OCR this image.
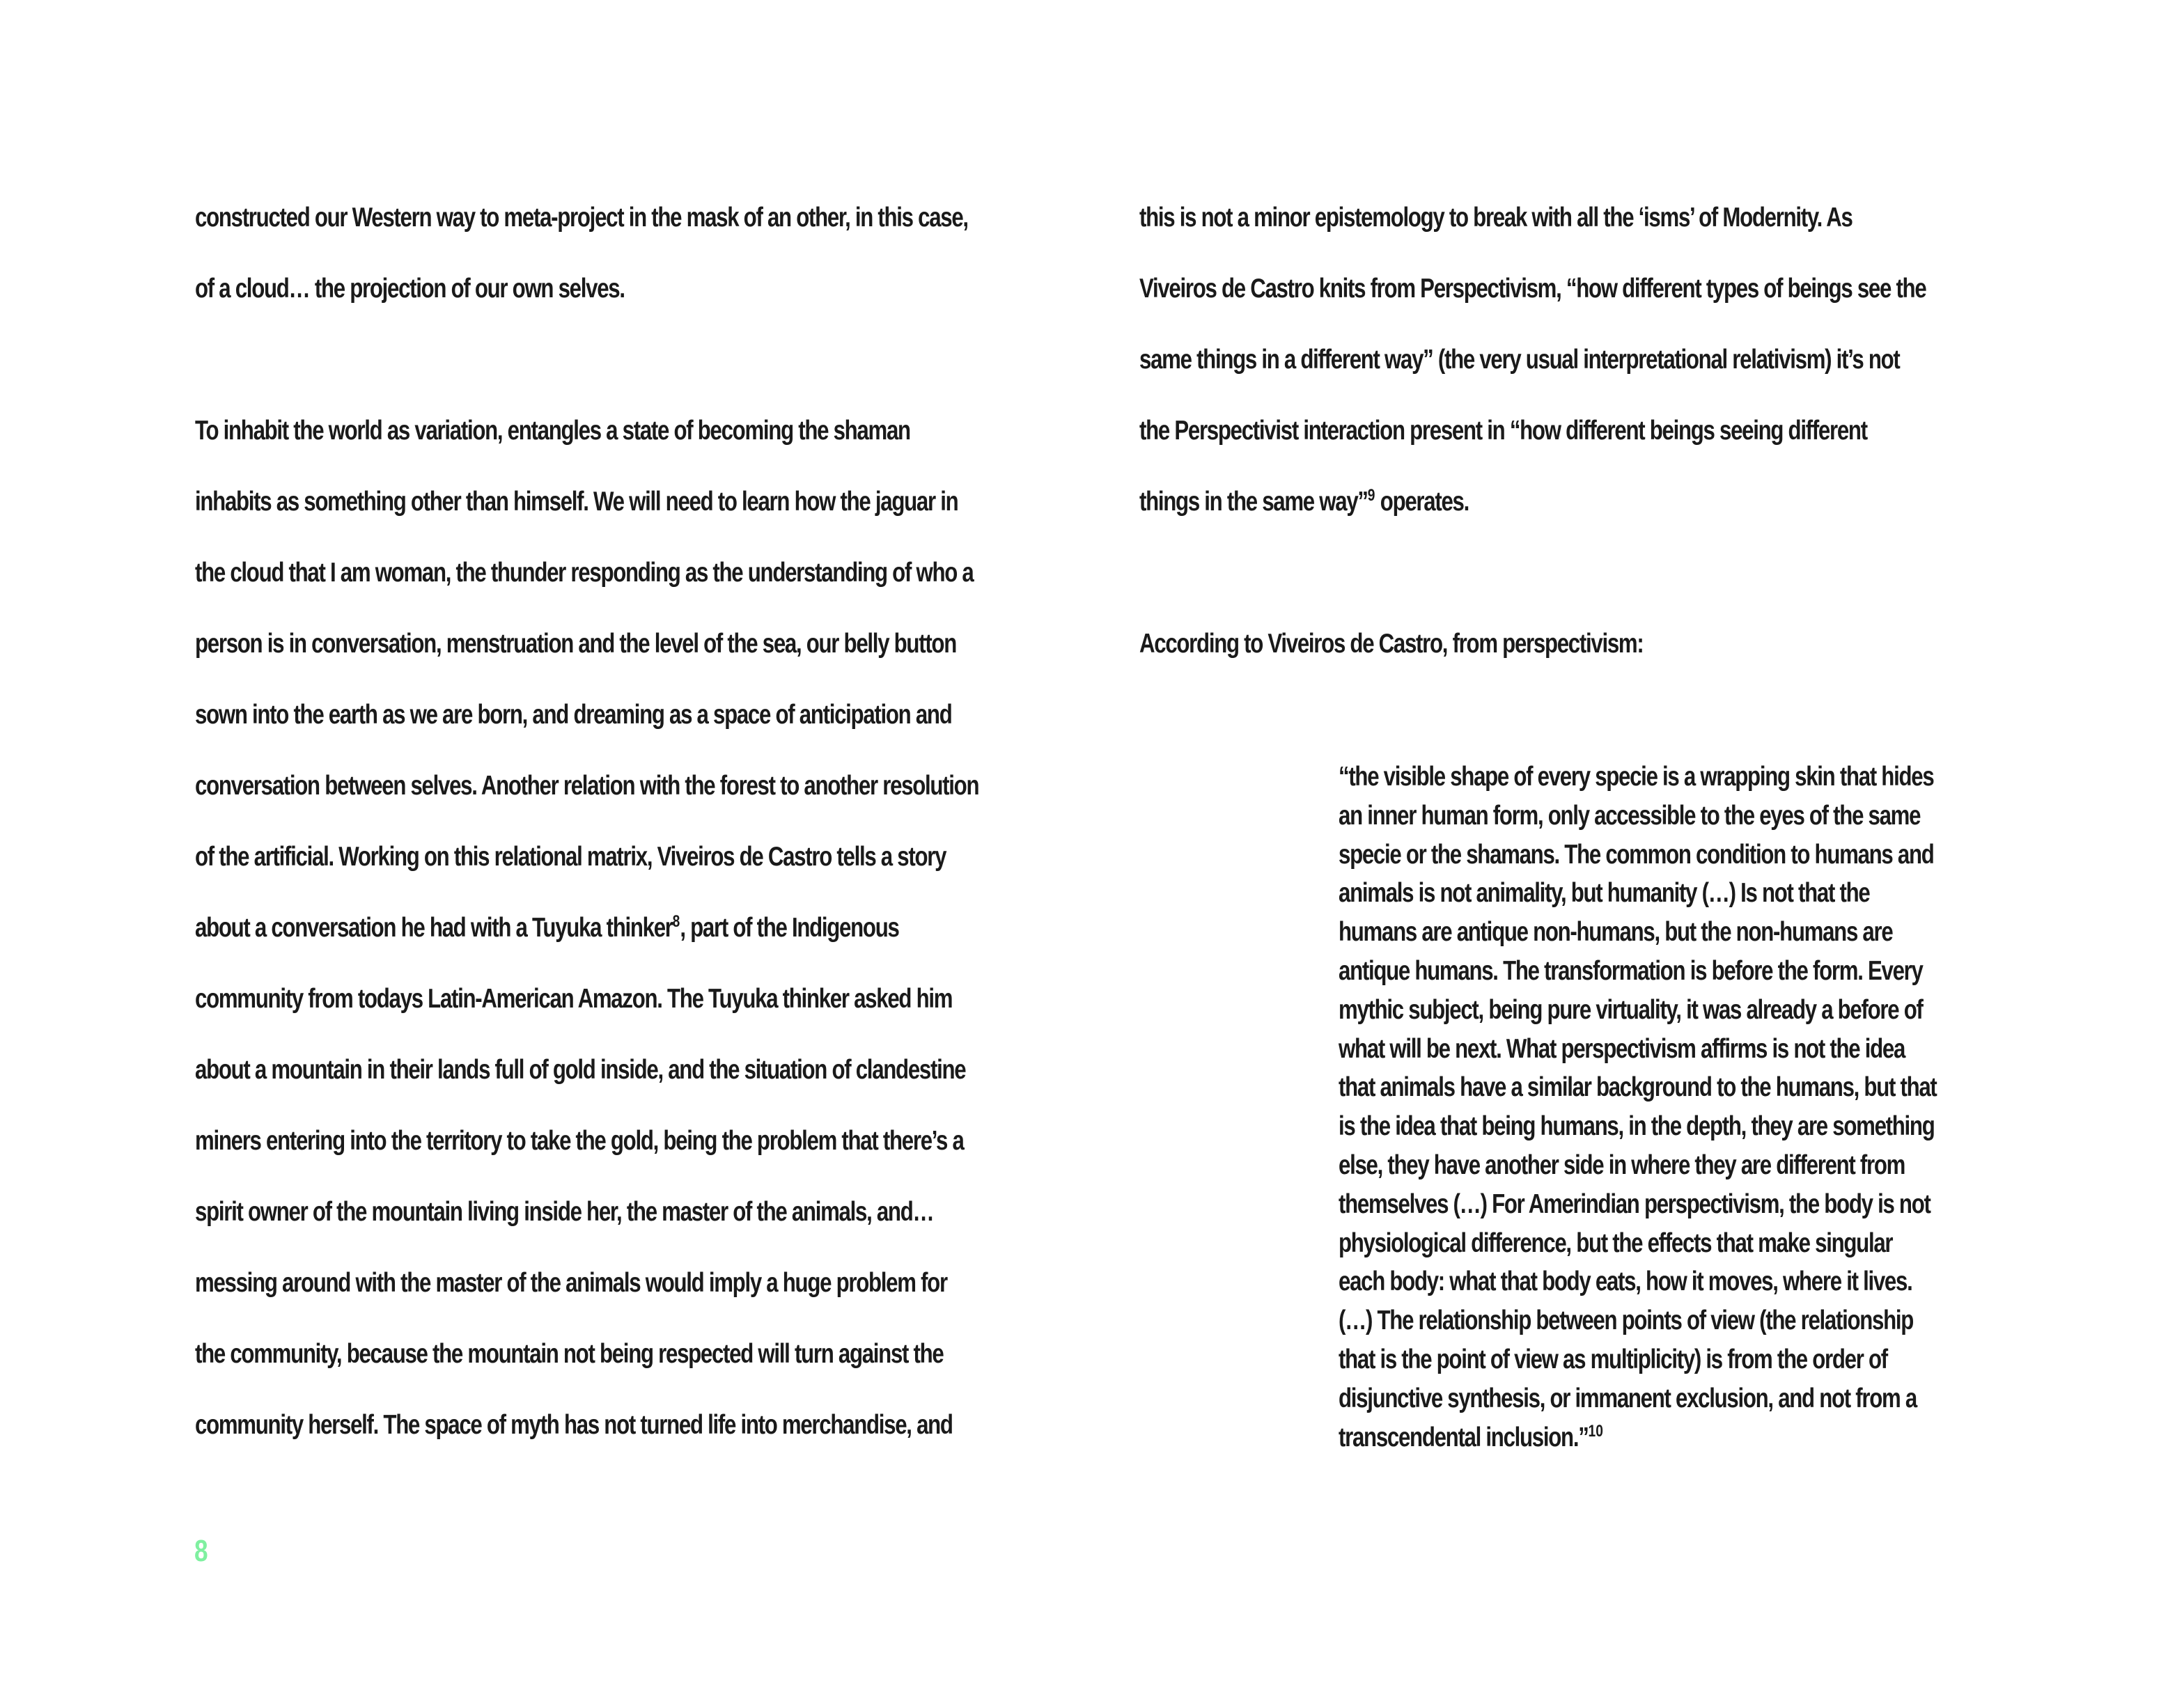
constructed our Western way to meta-project in the mask of an other, in this case,
of a cloud… the projection of our own selves.
To inhabit the world as variation, entangles a state of becoming the shaman
inhabits as something other than himself. We will need to learn how the jaguar in
the cloud that I am woman, the thunder responding as the understanding of who a
person is in conversation, menstruation and the level of the sea, our belly button
sown into the earth as we are born, and dreaming as a space of anticipation and
conversation between selves. Another relation with the forest to another resolution
of the artificial. Working on this relational matrix, Viveiros de Castro tells a story
about a conversation he had with a Tuyuka thinker$^8$, part of the Indigenous
community from todays Latin-American Amazon. The Tuyuka thinker asked him
about a mountain in their lands full of gold inside, and the situation of clandestine
miners entering into the territory to take the gold, being the problem that there’s a
spirit owner of the mountain living inside her, the master of the animals, and…
messing around with the master of the animals would imply a huge problem for
the community, because the mountain not being respected will turn against the
community herself. The space of myth has not turned life into merchandise, and
this is not a minor epistemology to break with all the ‘isms’ of Modernity. As
Viveiros de Castro knits from Perspectivism, “how different types of beings see the
same things in a different way” (the very usual interpretational relativism) it’s not
the Perspectivist interaction present in “how different beings seeing different
things in the same way”$^9$ operates.
According to Viveiros de Castro, from perspectivism:
“the visible shape of every specie is a wrapping skin that hides
an inner human form, only accessible to the eyes of the same
specie or the shamans. The common condition to humans and
animals is not animality, but humanity (…) Is not that the
humans are antique non-humans, but the non-humans are
antique humans. The transformation is before the form. Every
mythic subject, being pure virtuality, it was already a before of
what will be next. What perspectivism affirms is not the idea
that animals have a similar background to the humans, but that
is the idea that being humans, in the depth, they are something
else, they have another side in where they are different from
themselves (…) For Amerindian perspectivism, the body is not
physiological difference, but the effects that make singular
each body: what that body eats, how it moves, where it lives.
(…) The relationship between points of view (the relationship
that is the point of view as multiplicity) is from the order of
disjunctive synthesis, or immanent exclusion, and not from a
transcendental inclusion.”$^{10}$
8
